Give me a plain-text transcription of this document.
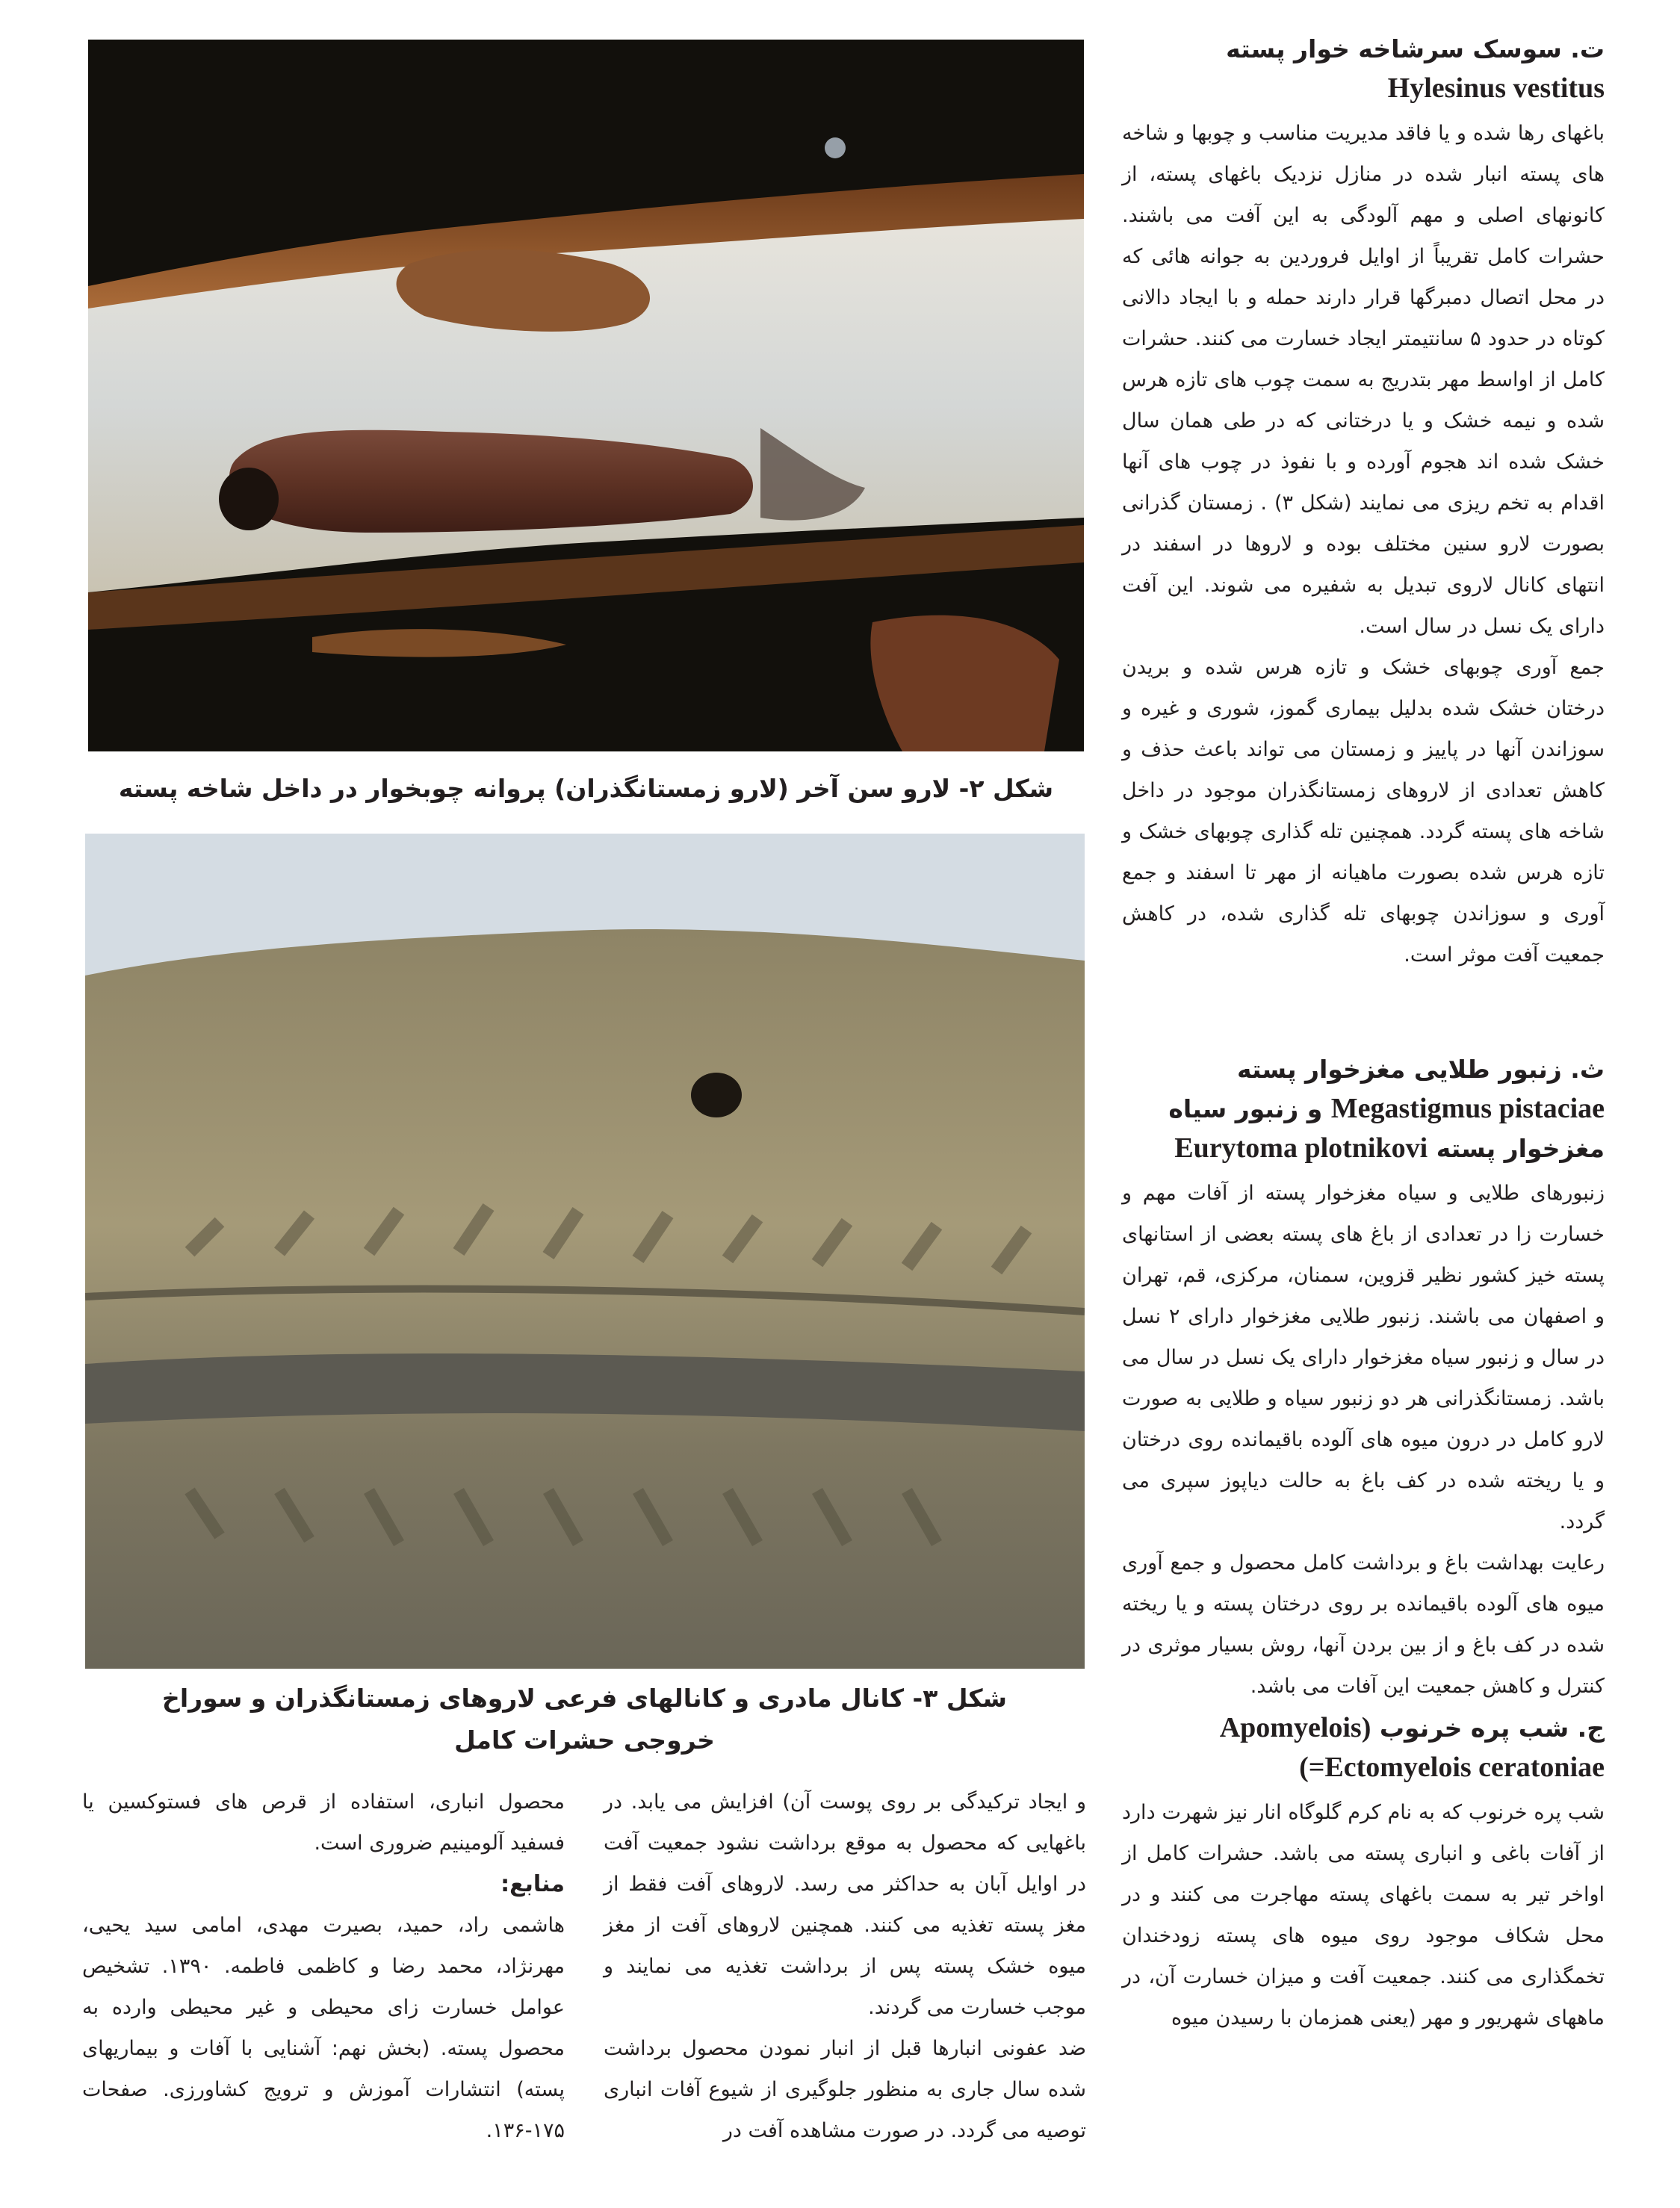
شکل ۲- لارو سن آخر (لارو زمستانگذران) پروانه چوبخوار در داخل شاخه پسته
شکل ۳- کانال مادری و کانالهای فرعی لاروهای زمستانگذران و سوراخ خروجی حشرات کامل
ت. سوسک سرشاخه خوار پسته Hylesinus vestitus

باغهای رها شده و یا فاقد مدیریت مناسب و چوبها و شاخه های پسته انبار شده در منازل نزدیک باغهای پسته، از کانونهای اصلی و مهم آلودگی به این آفت می باشند. حشرات کامل تقریباً از اوایل فروردین به جوانه هائی که در محل اتصال دمبرگها قرار دارند حمله و با ایجاد دالانی کوتاه در حدود ۵ سانتیمتر ایجاد خسارت می کنند. حشرات کامل از اواسط مهر بتدریج به سمت چوب های تازه هرس شده و نیمه خشک و یا درختانی که در طی همان سال خشک شده اند هجوم آورده و با نفوذ در چوب های آنها اقدام به تخم ریزی می نمایند (شکل ۳) . زمستان گذرانی بصورت لارو سنین مختلف بوده و لاروها در اسفند در انتهای کانال لاروی تبدیل به شفیره می شوند. این آفت دارای یک نسل در سال است.

جمع آوری چوبهای خشک و تازه هرس شده و بریدن درختان خشک شده بدلیل بیماری گموز، شوری و غیره و سوزاندن آنها در پاییز و زمستان می تواند باعث حذف و کاهش تعدادی از لاروهای زمستانگذران موجود در داخل شاخه های پسته گردد. همچنین تله گذاری چوبهای خشک و تازه هرس شده بصورت ماهیانه از مهر تا اسفند و جمع آوری و سوزاندن چوبهای تله گذاری شده، در کاهش جمعیت آفت موثر است.

ث. زنبور طلایی مغزخوار پسته Megastigmus pistaciae و زنبور سیاه مغزخوار پسته Eurytoma plotnikovi

زنبورهای طلایی و سیاه مغزخوار پسته از آفات مهم و خسارت زا در تعدادی از باغ های پسته بعضی از استانهای پسته خیز کشور نظیر قزوین، سمنان، مرکزی، قم، تهران و اصفهان می باشند. زنبور طلایی مغزخوار دارای ۲ نسل در سال و زنبور سیاه مغزخوار دارای یک نسل در سال می باشد. زمستانگذرانی هر دو زنبور سیاه و طلایی به صورت لارو کامل در درون میوه های آلوده باقیمانده روی درختان و یا ریخته شده در کف باغ به حالت دیاپوز سپری می گردد.

رعایت بهداشت باغ و برداشت کامل محصول و جمع آوری میوه های آلوده باقیمانده بر روی درختان پسته و یا ریخته شده در کف باغ و از بین بردن آنها، روش بسیار موثری در کنترل و کاهش جمعیت این آفات می باشد.

ج. شب پره خرنوب (Apomyelois (=Ectomyelois ceratoniae

شب پره خرنوب که به نام کرم گلوگاه انار نیز شهرت دارد از آفات باغی و انباری پسته می باشد. حشرات کامل از اواخر تیر به سمت باغهای پسته مهاجرت می کنند و در محل شکاف موجود روی میوه های پسته زودخندان تخمگذاری می کنند. جمعیت آفت و میزان خسارت آن، در ماههای شهریور و مهر (یعنی همزمان با رسیدن میوه

و ایجاد ترکیدگی بر روی پوست آن) افزایش می یابد. در باغهایی که محصول به موقع برداشت نشود جمعیت آفت در اوایل آبان به حداکثر می رسد. لاروهای آفت فقط از مغز پسته تغذیه می کنند. همچنین لاروهای آفت از مغز میوه خشک پسته پس از برداشت تغذیه می نمایند و موجب خسارت می گردند.

ضد عفونی انبارها قبل از انبار نمودن محصول برداشت شده سال جاری به منظور جلوگیری از شیوع آفات انباری توصیه می گردد. در صورت مشاهده آفت در

محصول انباری، استفاده از قرص های فستوکسین یا فسفید آلومینیم ضروری است.

منابع:

هاشمی راد، حمید، بصیرت مهدی، امامی سید یحیی، مهرنژاد، محمد رضا و کاظمی فاطمه. ۱۳۹۰. تشخیص عوامل خسارت زای محیطی و غیر محیطی وارده به محصول پسته. (بخش نهم: آشنایی با آفات و بیماریهای پسته) انتشارات آموزش و ترویج کشاورزی. صفحات ۱۷۵-۱۳۶.
